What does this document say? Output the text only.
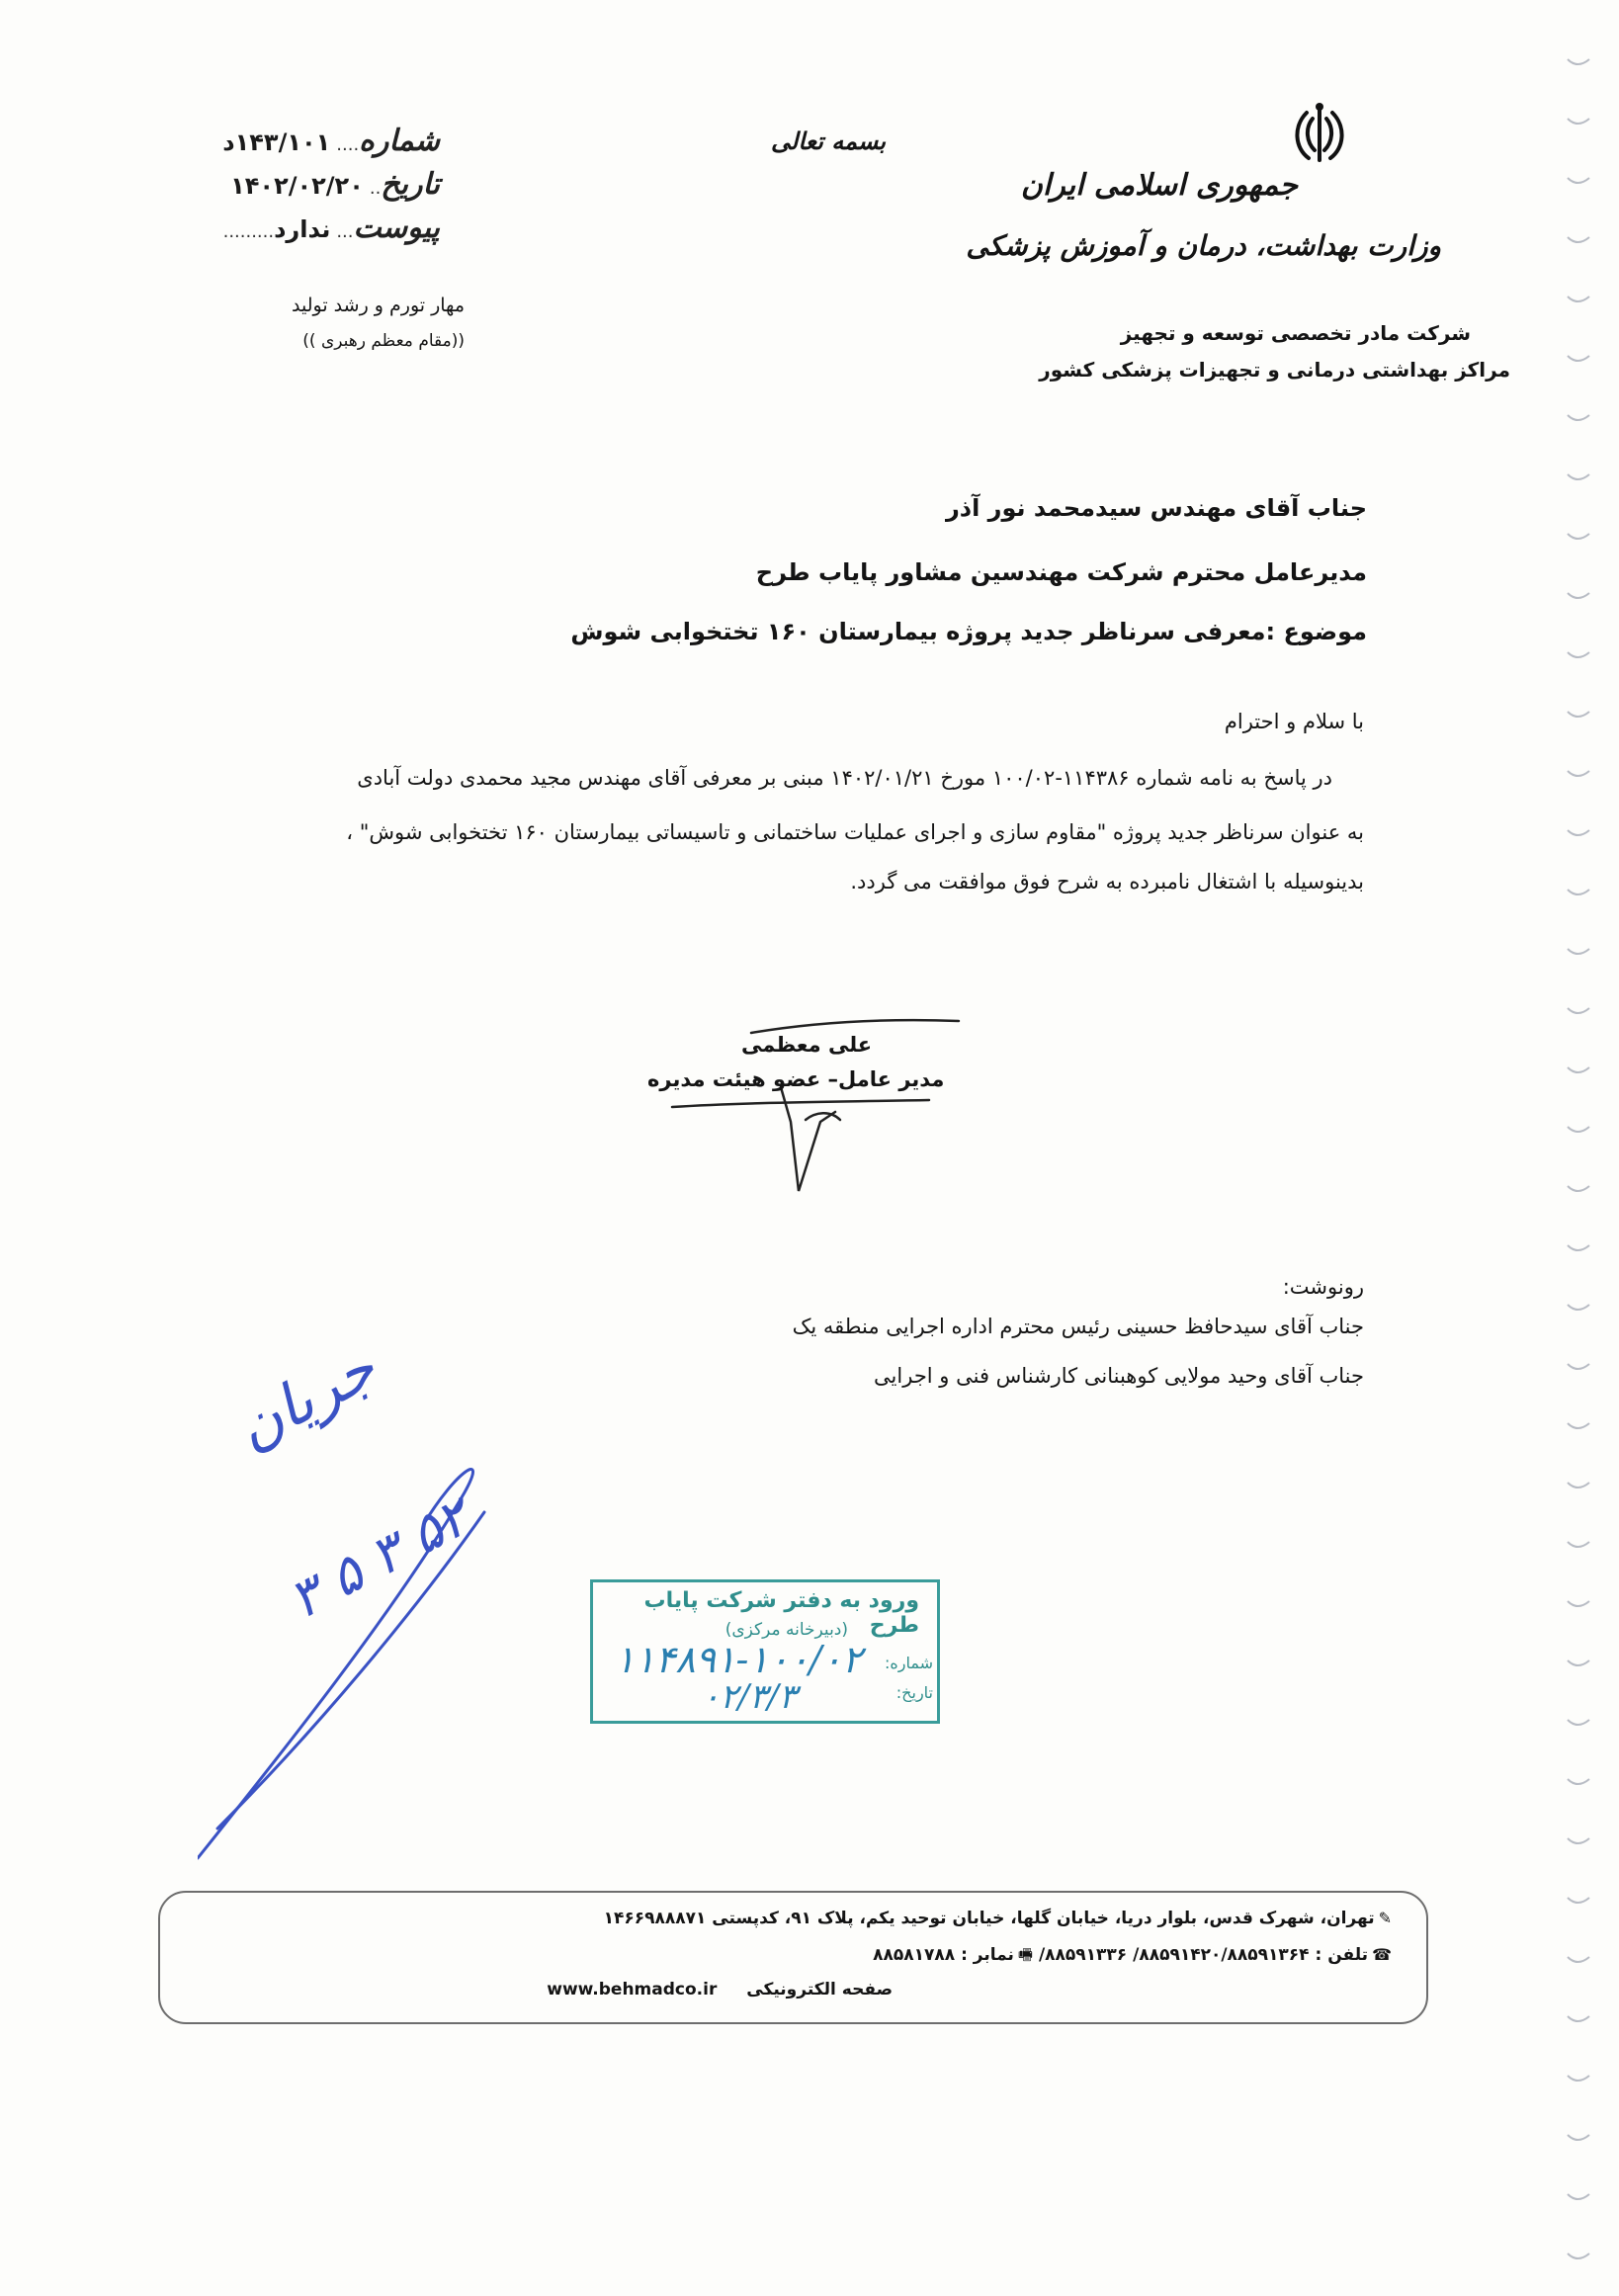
شماره....۱۴۳/۱۰۱د
تاریخ..۱۴۰۲/۰۲/۲۰
پیوست...ندارد.........
مهار تورم و رشد تولید
((مقام معظم رهبری ))
بسمه تعالی
جمهوری اسلامی ایران
وزارت بهداشت، درمان و آموزش پزشکی
شرکت مادر تخصصی توسعه و تجهیز
مراکز بهداشتی درمانی و تجهیزات پزشکی کشور
جناب آقای مهندس سیدمحمد نور آذر
مدیرعامل محترم شرکت مهندسین مشاور پایاب طرح
موضوع :معرفی سرناظر جدید پروژه بیمارستان ۱۶۰ تختخوابی شوش
با سلام و احترام
در پاسخ به نامه شماره ۱۱۴۳۸۶-۱۰۰/۰۲ مورخ ۱۴۰۲/۰۱/۲۱ مبنی بر معرفی آقای مهندس مجید محمدی دولت آبادی
به عنوان سرناظر جدید پروژه "مقاوم سازی و اجرای عملیات ساختمانی و تاسیساتی بیمارستان ۱۶۰ تختخوابی شوش" ،
بدینوسیله با اشتغال نامبرده به شرح فوق موافقت می گردد.
علی معظمی
مدیر عامل– عضو هیئت مدیره
رونوشت:
جناب آقای سیدحافظ حسینی رئیس محترم اداره اجرایی منطقه یک
جناب آقای وحید مولایی کوهبنانی کارشناس فنی و اجرایی
جریان
۳ ۵ ۳ ۵۲	ورود به دفتر شرکت پایاب طرح
(دبیرخانه مرکزی)
شماره:
تاریخ:
۱۱۴۸۹۱-۱۰۰/۰۲
۰۲/۳/۳
✎تهران، شهرک قدس، بلوار دریا، خیابان گلها، خیابان توحید یکم، پلاک ۹۱، کدپستی ۱۴۶۶۹۸۸۸۷۱
☎تلفن : ۸۸۵۹۱۴۲۰/۸۸۵۹۱۳۶۴/ ۸۸۵۹۱۳۳۶/ 🖷نمابر : ۸۸۵۸۱۷۸۸
صفحه الکترونیکی www.behmadco.ir
